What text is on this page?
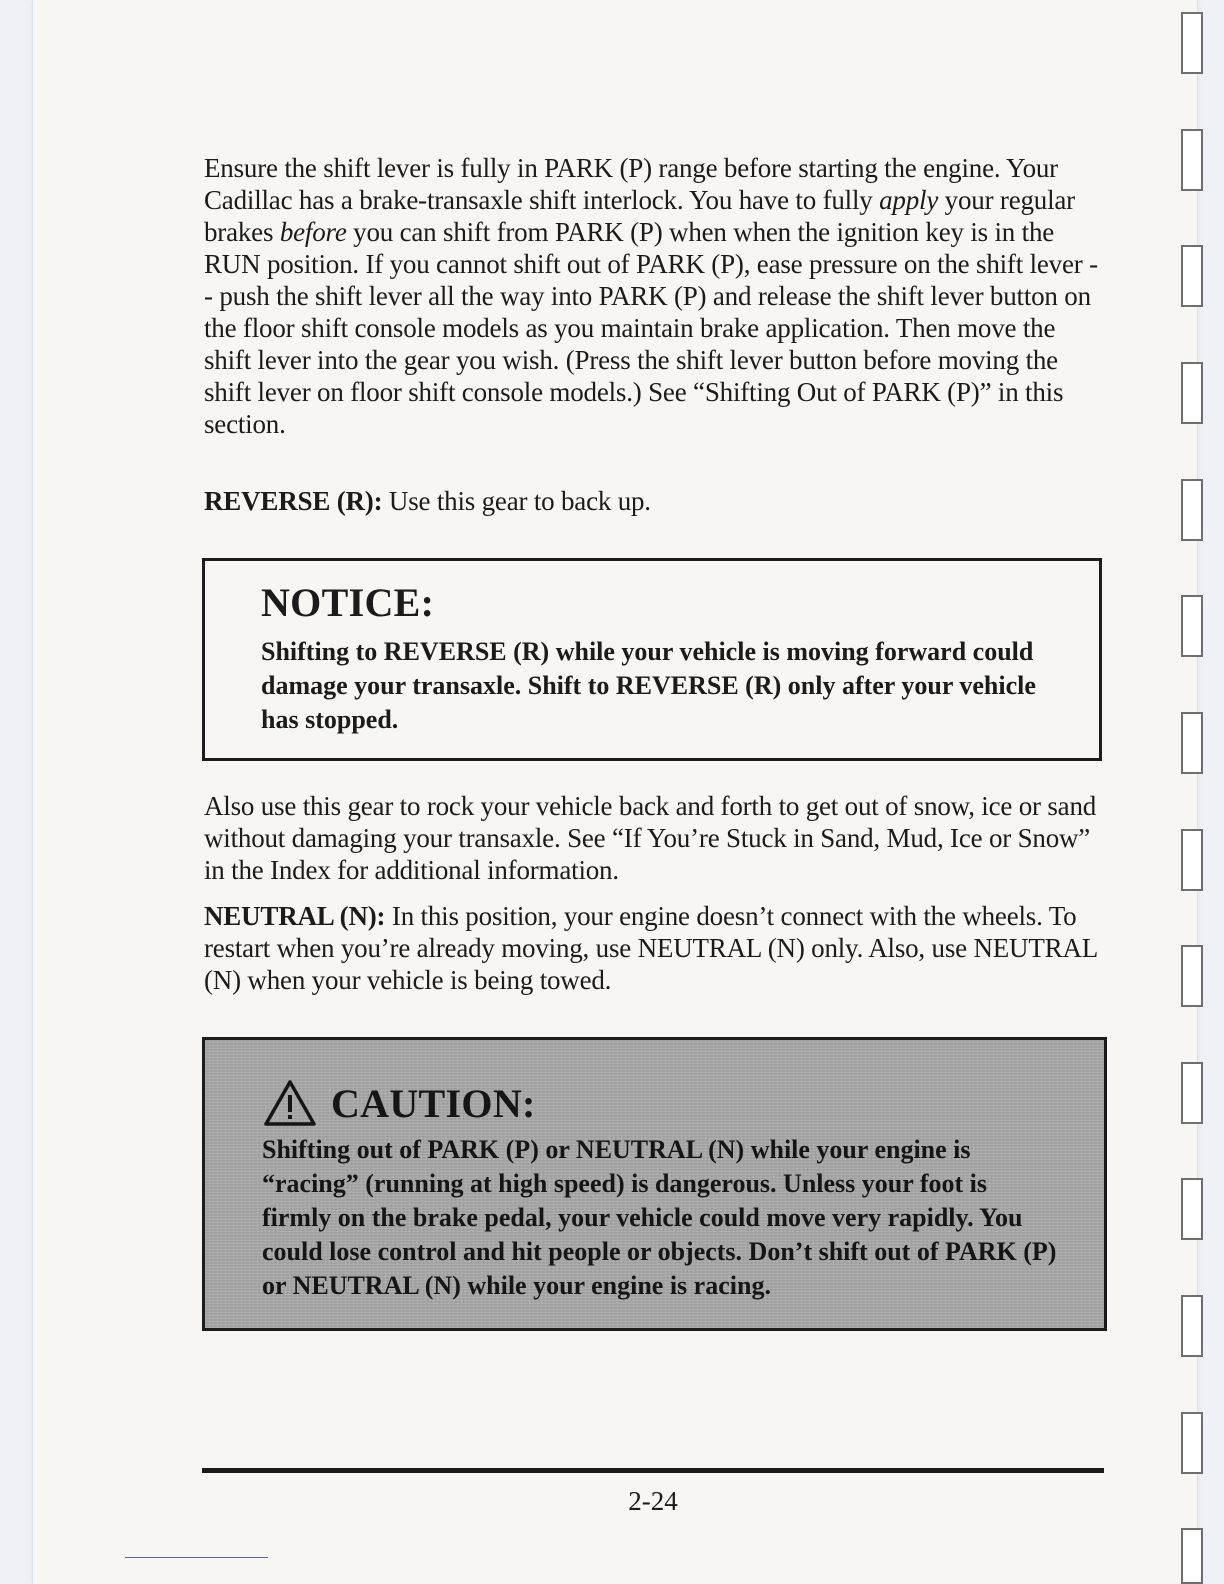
Ensure the shift lever is fully in PARK (P) range before starting the engine. Your Cadillac has a brake-transaxle shift interlock. You have to fully apply your regular brakes before you can shift from PARK (P) when when the ignition key is in the RUN position. If you cannot shift out of PARK (P), ease pressure on the shift lever -- push the shift lever all the way into PARK (P) and release the shift lever button on the floor shift console models as you maintain brake application. Then move the shift lever into the gear you wish. (Press the shift lever button before moving the shift lever on floor shift console models.) See “Shifting Out of PARK (P)” in this section.
REVERSE (R): Use this gear to back up.
NOTICE:
Shifting to REVERSE (R) while your vehicle is moving forward could damage your transaxle. Shift to REVERSE (R) only after your vehicle has stopped.
Also use this gear to rock your vehicle back and forth to get out of snow, ice or sand without damaging your transaxle. See “If You’re Stuck in Sand, Mud, Ice or Snow” in the Index for additional information.
NEUTRAL (N): In this position, your engine doesn’t connect with the wheels. To restart when you’re already moving, use NEUTRAL (N) only. Also, use NEUTRAL (N) when your vehicle is being towed.
CAUTION:
Shifting out of PARK (P) or NEUTRAL (N) while your engine is “racing” (running at high speed) is dangerous. Unless your foot is firmly on the brake pedal, your vehicle could move very rapidly. You could lose control and hit people or objects. Don’t shift out of PARK (P) or NEUTRAL (N) while your engine is racing.
2-24
